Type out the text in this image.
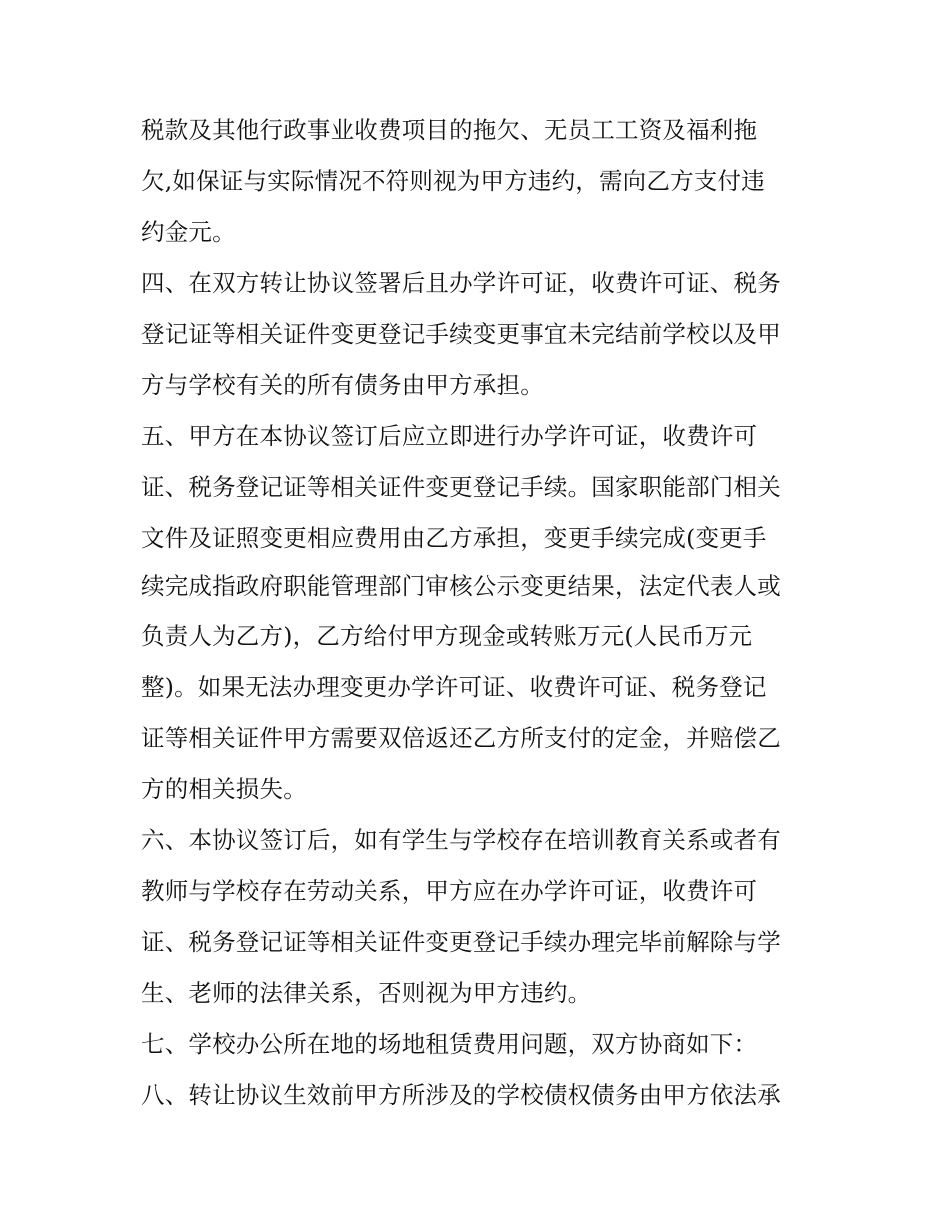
税款及其他行政事业收费项目的拖欠、无员工工资及福利拖
欠,如保证与实际情况不符则视为甲方违约，需向乙方支付违
约金元。
四、在双方转让协议签署后且办学许可证，收费许可证、税务
登记证等相关证件变更登记手续变更事宜未完结前学校以及甲
方与学校有关的所有债务由甲方承担。
五、甲方在本协议签订后应立即进行办学许可证，收费许可
证、税务登记证等相关证件变更登记手续。国家职能部门相关
文件及证照变更相应费用由乙方承担，变更手续完成(变更手
续完成指政府职能管理部门审核公示变更结果，法定代表人或
负责人为乙方)，乙方给付甲方现金或转账万元(人民币万元
整)。如果无法办理变更办学许可证、收费许可证、税务登记
证等相关证件甲方需要双倍返还乙方所支付的定金，并赔偿乙
方的相关损失。
六、本协议签订后，如有学生与学校存在培训教育关系或者有
教师与学校存在劳动关系，甲方应在办学许可证，收费许可
证、税务登记证等相关证件变更登记手续办理完毕前解除与学
生、老师的法律关系，否则视为甲方违约。
七、学校办公所在地的场地租赁费用问题，双方协商如下：
八、转让协议生效前甲方所涉及的学校债权债务由甲方依法承
